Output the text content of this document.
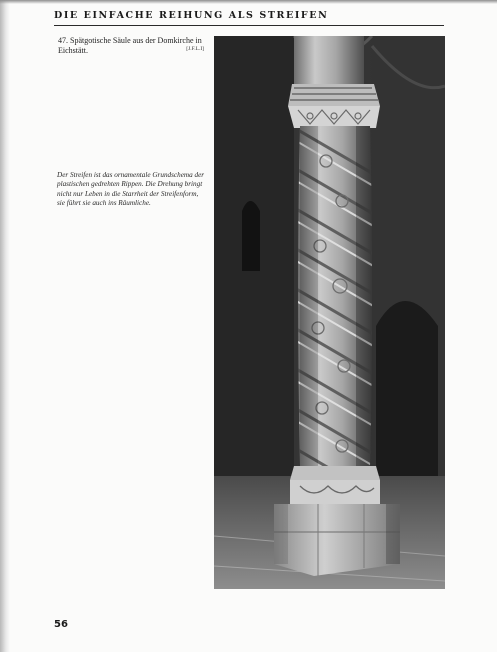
DIE EINFACHE REIHUNG ALS STREIFEN
47. Spätgotische Säule aus der Domkirche in Eichstätt.	[J.F.L.I]
Der Streifen ist das ornamentale Grundschema der plastischen gedrehten Rippen. Die Drehung bringt nicht nur Leben in die Starrheit der Streifenform, sie führt sie auch ins Räumliche.
56
